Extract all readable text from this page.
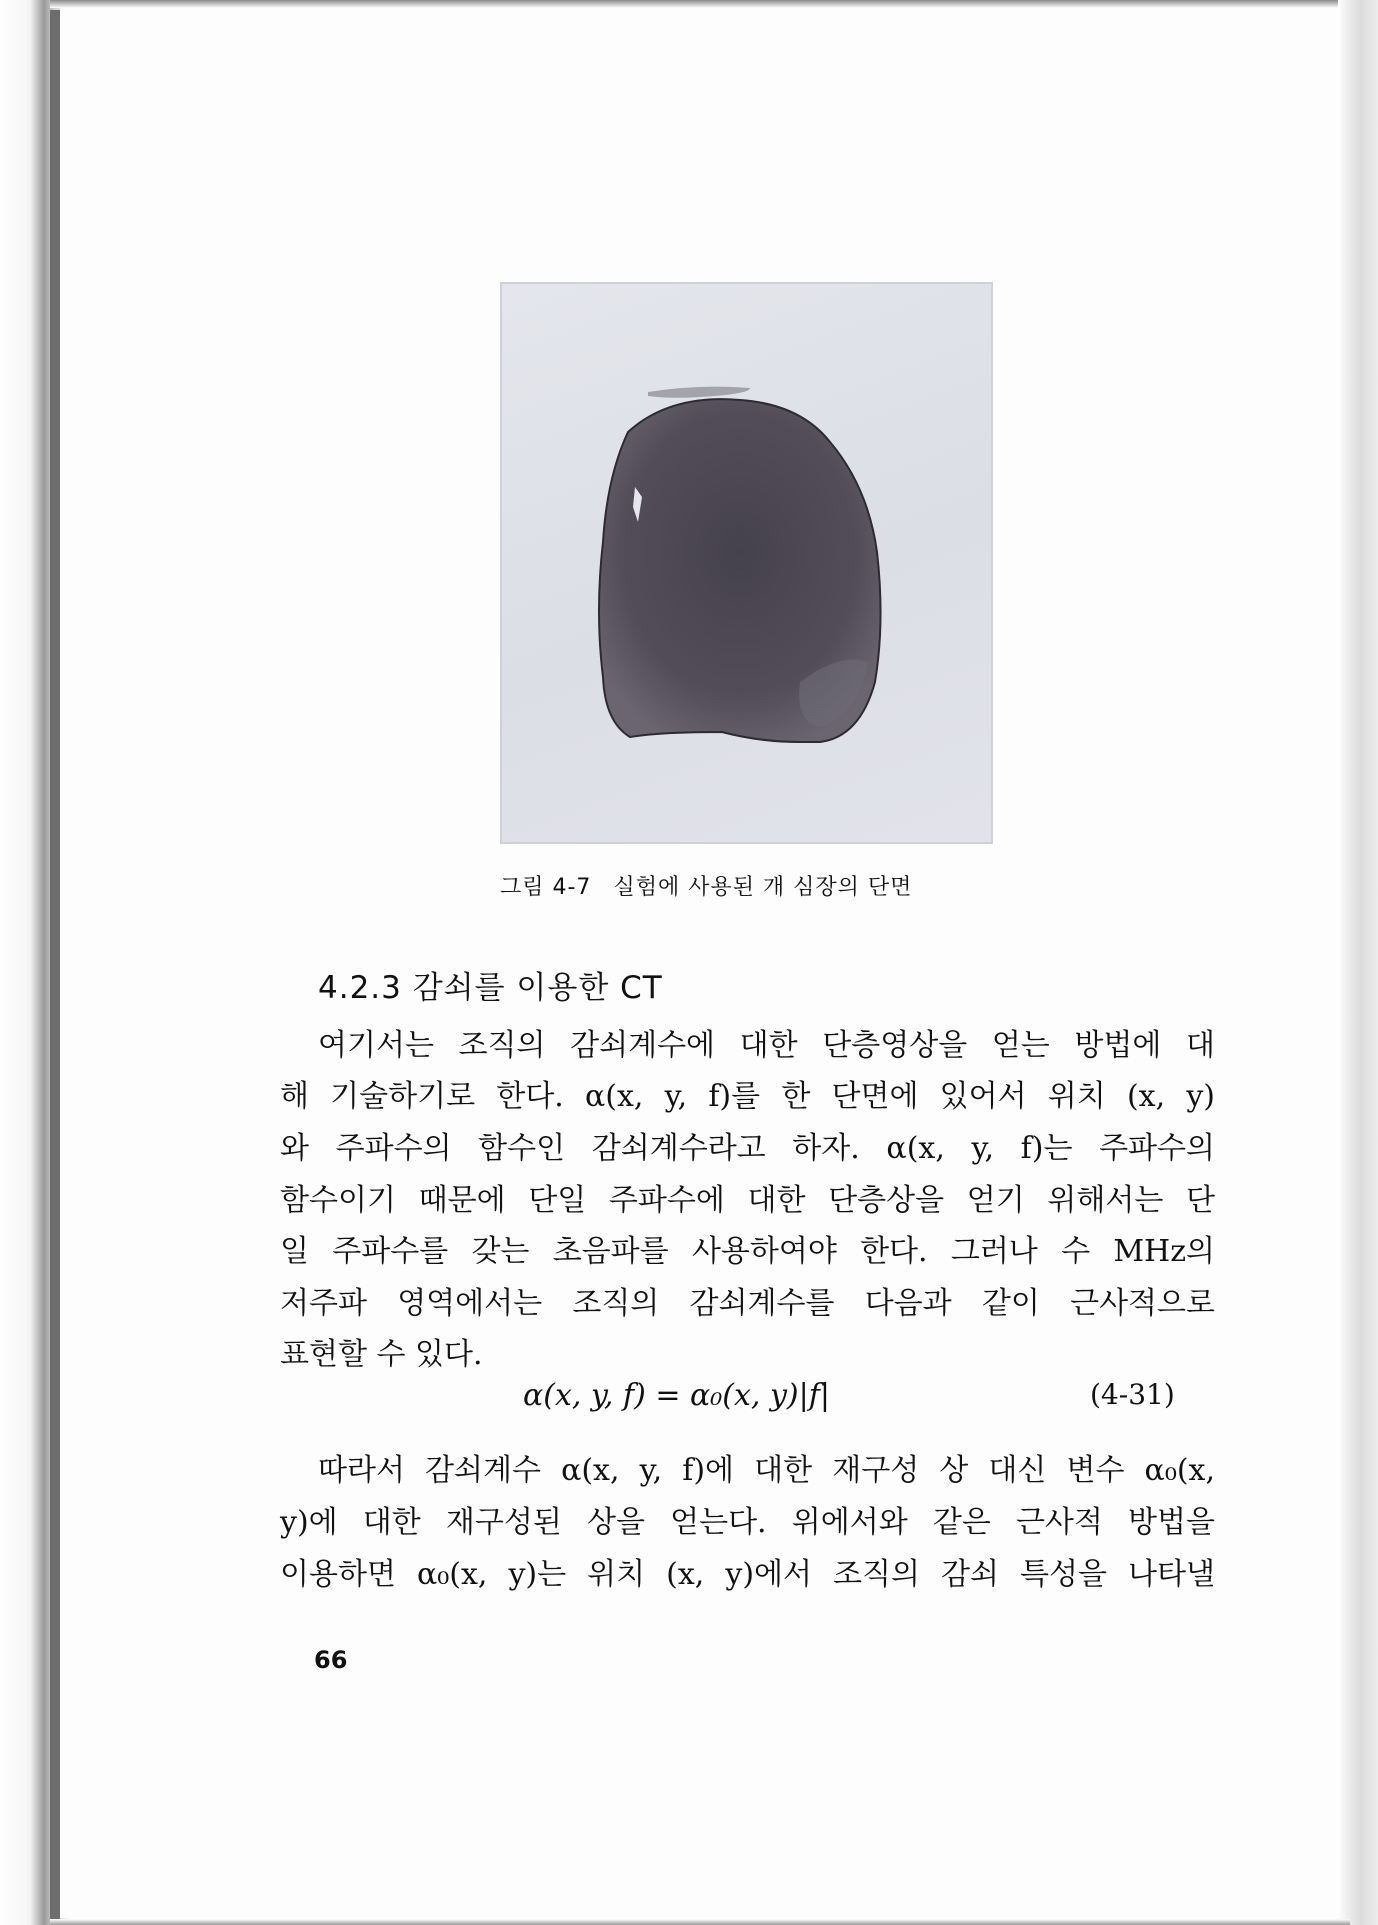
그림 4-7 실험에 사용된 개 심장의 단면
4.2.3 감쇠를 이용한 CT
여기서는 조직의 감쇠계수에 대한 단층영상을 얻는 방법에 대
해 기술하기로 한다. α(x, y, f)를 한 단면에 있어서 위치 (x, y)
와 주파수의 함수인 감쇠계수라고 하자. α(x, y, f)는 주파수의
함수이기 때문에 단일 주파수에 대한 단층상을 얻기 위해서는 단
일 주파수를 갖는 초음파를 사용하여야 한다. 그러나 수 MHz의
저주파 영역에서는 조직의 감쇠계수를 다음과 같이 근사적으로
표현할 수 있다.
α(x, y, f) = α₀(x, y)|f|	(4-31)
따라서 감쇠계수 α(x, y, f)에 대한 재구성 상 대신 변수 α₀(x,
y)에 대한 재구성된 상을 얻는다. 위에서와 같은 근사적 방법을
이용하면 α₀(x, y)는 위치 (x, y)에서 조직의 감쇠 특성을 나타낼
66
